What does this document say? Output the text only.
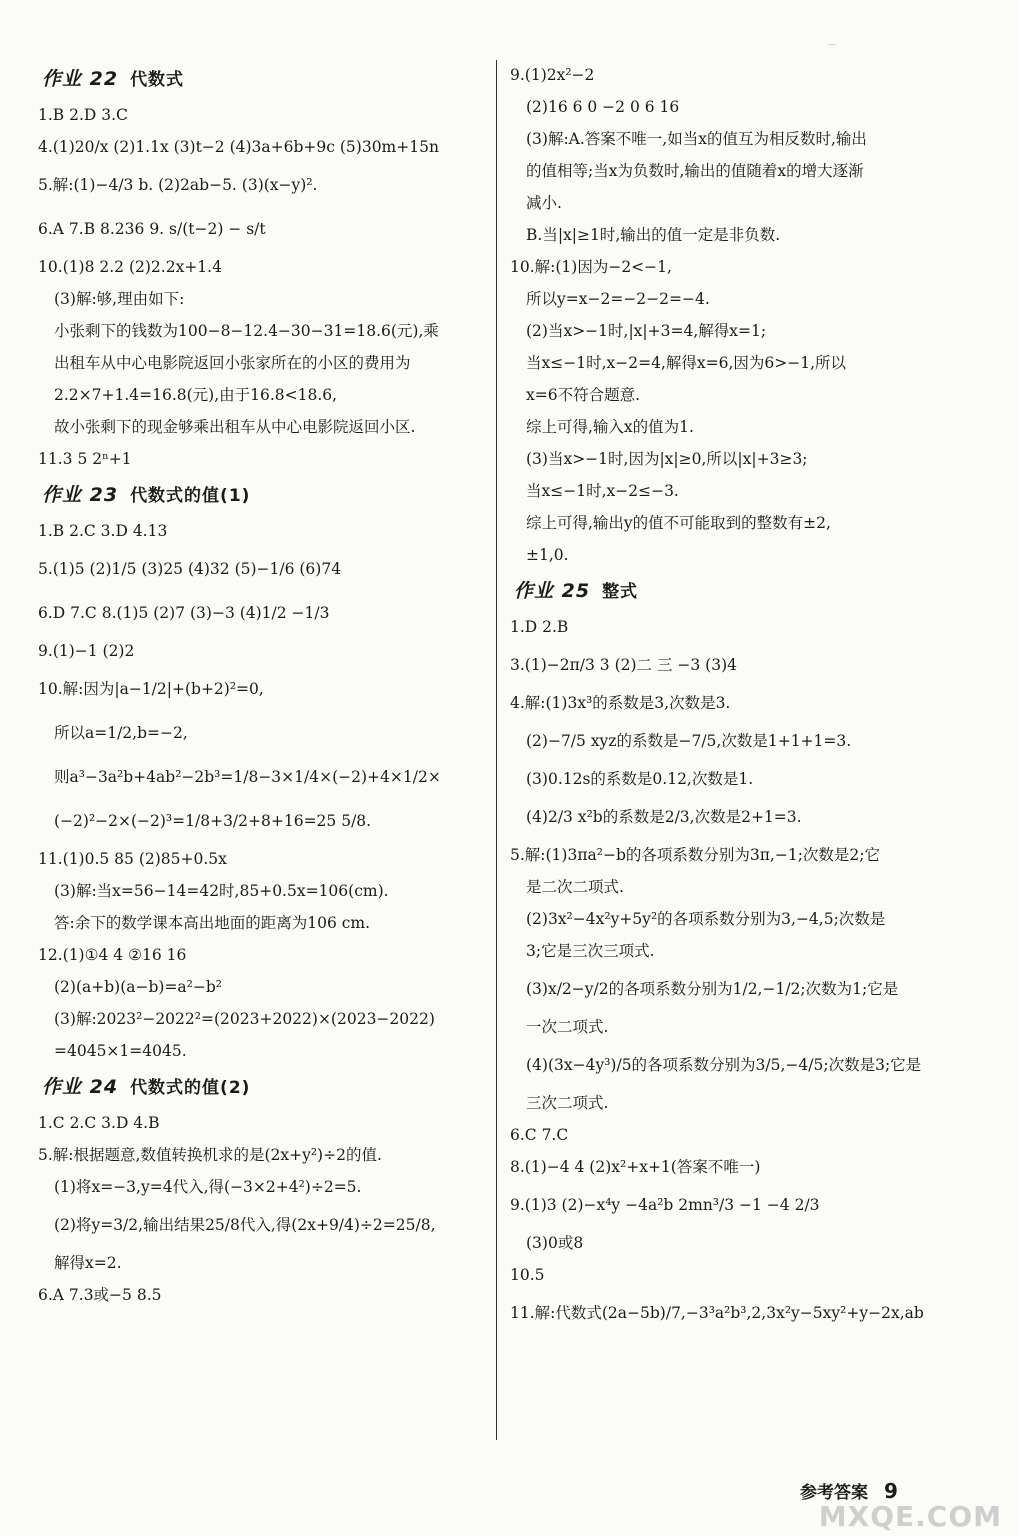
—
作业 22 代数式
1.B 2.D 3.C
4.(1)20/x (2)1.1x (3)t−2 (4)3a+6b+9c (5)30m+15n
5.解:(1)−4/3 b. (2)2ab−5. (3)(x−y)².
6.A 7.B 8.236 9. s/(t−2) − s/t
10.(1)8 2.2 (2)2.2x+1.4
(3)解:够,理由如下:
小张剩下的钱数为100−8−12.4−30−31=18.6(元),乘
出租车从中心电影院返回小张家所在的小区的费用为
2.2×7+1.4=16.8(元),由于16.8<18.6,
故小张剩下的现金够乘出租车从中心电影院返回小区.
11.3 5 2ⁿ+1
作业 23 代数式的值(1)
1.B 2.C 3.D 4.13
5.(1)5 (2)1/5 (3)25 (4)32 (5)−1/6 (6)74
6.D 7.C 8.(1)5 (2)7 (3)−3 (4)1/2 −1/3
9.(1)−1 (2)2
10.解:因为|a−1/2|+(b+2)²=0,
所以a=1/2,b=−2,
则a³−3a²b+4ab²−2b³=1/8−3×1/4×(−2)+4×1/2×
(−2)²−2×(−2)³=1/8+3/2+8+16=25 5/8.
11.(1)0.5 85 (2)85+0.5x
(3)解:当x=56−14=42时,85+0.5x=106(cm).
答:余下的数学课本高出地面的距离为106 cm.
12.(1)①4 4 ②16 16
(2)(a+b)(a−b)=a²−b²
(3)解:2023²−2022²=(2023+2022)×(2023−2022)
=4045×1=4045.
作业 24 代数式的值(2)
1.C 2.C 3.D 4.B
5.解:根据题意,数值转换机求的是(2x+y²)÷2的值.
(1)将x=−3,y=4代入,得(−3×2+4²)÷2=5.
(2)将y=3/2,输出结果25/8代入,得(2x+9/4)÷2=25/8,
解得x=2.
6.A 7.3或−5 8.5
9.(1)2x²−2
(2)16 6 0 −2 0 6 16
(3)解:A.答案不唯一,如当x的值互为相反数时,输出
的值相等;当x为负数时,输出的值随着x的增大逐渐
减小.
B.当|x|≥1时,输出的值一定是非负数.
10.解:(1)因为−2<−1,
所以y=x−2=−2−2=−4.
(2)当x>−1时,|x|+3=4,解得x=1;
当x≤−1时,x−2=4,解得x=6,因为6>−1,所以
x=6不符合题意.
综上可得,输入x的值为1.
(3)当x>−1时,因为|x|≥0,所以|x|+3≥3;
当x≤−1时,x−2≤−3.
综上可得,输出y的值不可能取到的整数有±2,
±1,0.
作业 25 整式
1.D 2.B
3.(1)−2π/3 3 (2)二 三 −3 (3)4
4.解:(1)3x³的系数是3,次数是3.
(2)−7/5 xyz的系数是−7/5,次数是1+1+1=3.
(3)0.12s的系数是0.12,次数是1.
(4)2/3 x²b的系数是2/3,次数是2+1=3.
5.解:(1)3πa²−b的各项系数分别为3π,−1;次数是2;它
是二次二项式.
(2)3x²−4x²y+5y²的各项系数分别为3,−4,5;次数是
3;它是三次三项式.
(3)x/2−y/2的各项系数分别为1/2,−1/2;次数为1;它是
一次二项式.
(4)(3x−4y³)/5的各项系数分别为3/5,−4/5;次数是3;它是
三次二项式.
6.C 7.C
8.(1)−4 4 (2)x²+x+1(答案不唯一)
9.(1)3 (2)−x⁴y −4a²b 2mn³/3 −1 −4 2/3
(3)0或8
10.5
11.解:代数式(2a−5b)/7,−3³a²b³,2,3x²y−5xy²+y−2x,ab
参考答案 9
MXQE.COM
